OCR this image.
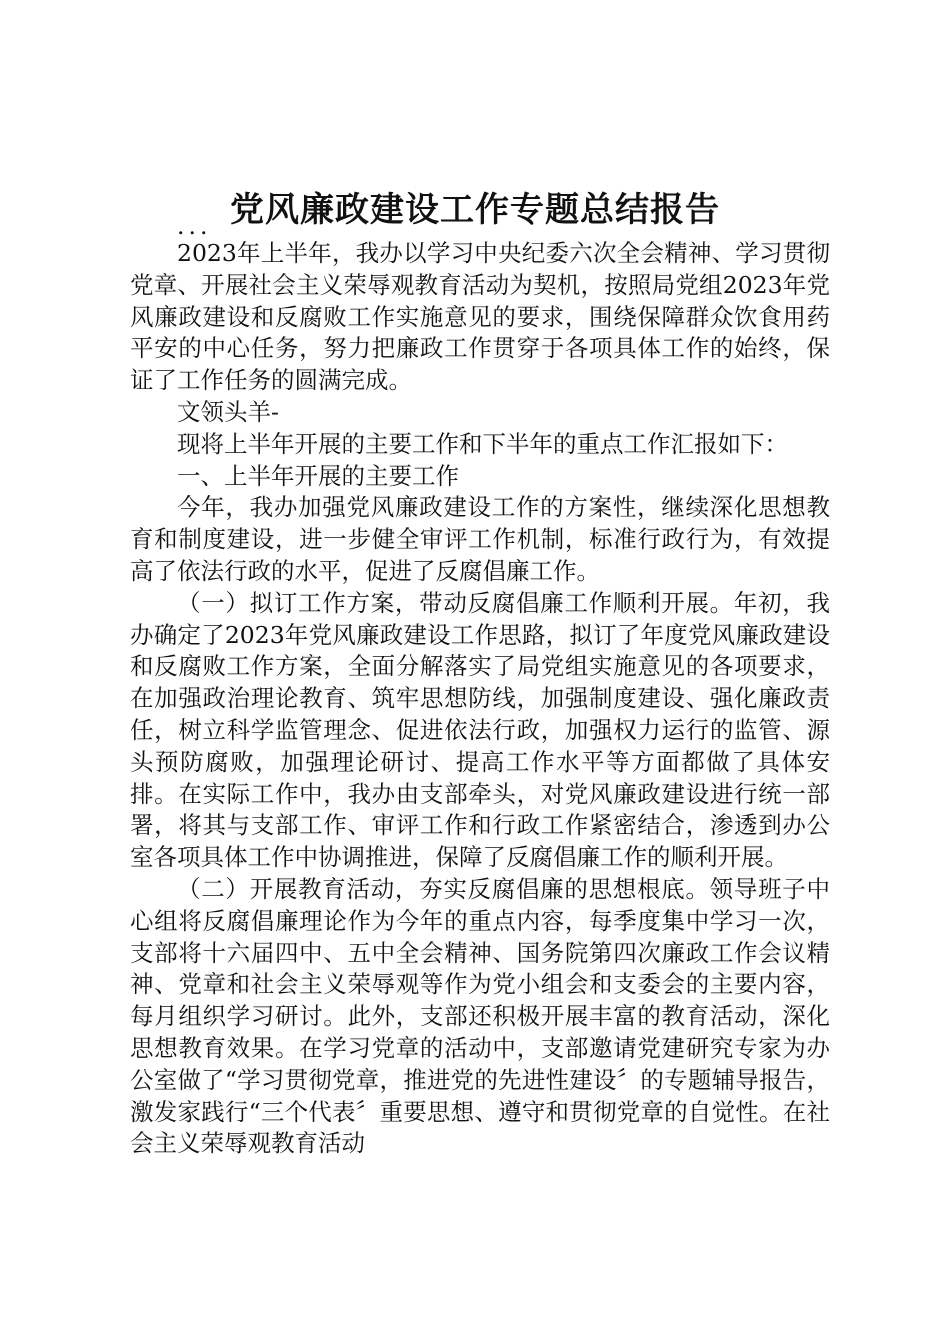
党风廉政建设工作专题总结报告

...

2023年上半年，我办以学习中央纪委六次全会精神、学习贯彻党章、开展社会主义荣辱观教育活动为契机，按照局党组2023年党风廉政建设和反腐败工作实施意见的要求，围绕保障群众饮食用药平安的中心任务，努力把廉政工作贯穿于各项具体工作的始终，保证了工作任务的圆满完成。

文领头羊-

现将上半年开展的主要工作和下半年的重点工作汇报如下：

一、上半年开展的主要工作

今年，我办加强党风廉政建设工作的方案性，继续深化思想教育和制度建设，进一步健全审评工作机制，标准行政行为，有效提高了依法行政的水平，促进了反腐倡廉工作。

（一）拟订工作方案，带动反腐倡廉工作顺利开展。年初，我办确定了2023年党风廉政建设工作思路，拟订了年度党风廉政建设和反腐败工作方案，全面分解落实了局党组实施意见的各项要求，在加强政治理论教育、筑牢思想防线，加强制度建设、强化廉政责任，树立科学监管理念、促进依法行政，加强权力运行的监管、源头预防腐败，加强理论研讨、提高工作水平等方面都做了具体安排。在实际工作中，我办由支部牵头，对党风廉政建设进行统一部署，将其与支部工作、审评工作和行政工作紧密结合，渗透到办公室各项具体工作中协调推进，保障了反腐倡廉工作的顺利开展。

（二）开展教育活动，夯实反腐倡廉的思想根底。领导班子中心组将反腐倡廉理论作为今年的重点内容，每季度集中学习一次，支部将十六届四中、五中全会精神、国务院第四次廉政工作会议精神、党章和社会主义荣辱观等作为党小组会和支委会的主要内容，每月组织学习研讨。此外，支部还积极开展丰富的教育活动，深化思想教育效果。在学习党章的活动中，支部邀请党建研究专家为办公室做了“学习贯彻党章，推进党的先进性建设〞的专题辅导报告，激发家践行“三个代表〞重要思想、遵守和贯彻党章的自觉性。在社会主义荣辱观教育活动
